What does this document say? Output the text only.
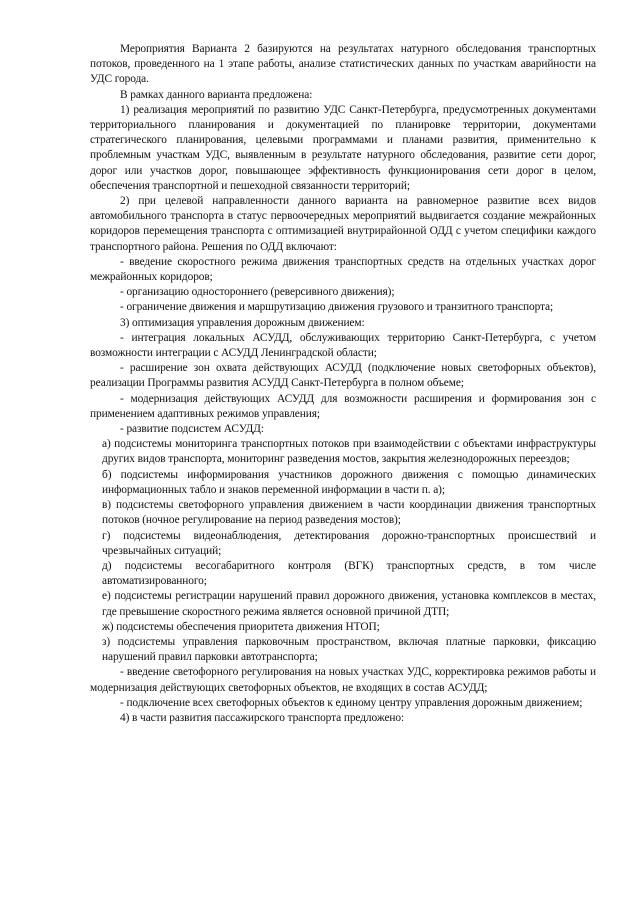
Мероприятия Варианта 2 базируются на результатах натурного обследования транспортных потоков, проведенного на 1 этапе работы, анализе статистических данных по участкам аварийности на УДС города.

В рамках данного варианта предложена:

1) реализация мероприятий по развитию УДС Санкт-Петербурга, предусмотренных документами территориального планирования и документацией по планировке территории, документами стратегического планирования, целевыми программами и планами развития, применительно к проблемным участкам УДС, выявленным в результате натурного обследования, развитие сети дорог, дорог или участков дорог, повышающее эффективность функционирования сети дорог в целом, обеспечения транспортной и пешеходной связанности территорий;

2) при целевой направленности данного варианта на равномерное развитие всех видов автомобильного транспорта в статус первоочередных мероприятий выдвигается создание межрайонных коридоров перемещения транспорта с оптимизацией внутрирайонной ОДД с учетом специфики каждого транспортного района. Решения по ОДД включают:

- введение скоростного режима движения транспортных средств на отдельных участках дорог межрайонных коридоров;

- организацию одностороннего (реверсивного движения);

- ограничение движения и маршрутизацию движения грузового и транзитного транспорта;

3) оптимизация управления дорожным движением:

- интеграция локальных АСУДД, обслуживающих территорию Санкт-Петербурга, с учетом возможности интеграции с АСУДД Ленинградской области;

- расширение зон охвата действующих АСУДД (подключение новых светофорных объектов), реализации Программы развития АСУДД Санкт-Петербурга в полном объеме;

- модернизация действующих АСУДД для возможности расширения и формирования зон с применением адаптивных режимов управления;

- развитие подсистем АСУДД:

а) подсистемы мониторинга транспортных потоков при взаимодействии с объектами инфраструктуры других видов транспорта, мониторинг разведения мостов, закрытия железнодорожных переездов;

б) подсистемы информирования участников дорожного движения с помощью динамических информационных табло и знаков переменной информации в части п. а);

в) подсистемы светофорного управления движением в части координации движения транспортных потоков (ночное регулирование на период разведения мостов);

г) подсистемы видеонаблюдения, детектирования дорожно-транспортных происшествий и чрезвычайных ситуаций;

д) подсистемы весогабаритного контроля (ВГК) транспортных средств, в том числе автоматизированного;

е) подсистемы регистрации нарушений правил дорожного движения, установка комплексов в местах, где превышение скоростного режима является основной причиной ДТП;

ж) подсистемы обеспечения приоритета движения НТОП;

з) подсистемы управления парковочным пространством, включая платные парковки, фиксацию нарушений правил парковки автотранспорта;

- введение светофорного регулирования на новых участках УДС, корректировка режимов работы и модернизация действующих светофорных объектов, не входящих в состав АСУДД;

- подключение всех светофорных объектов к единому центру управления дорожным движением;

4) в части развития пассажирского транспорта предложено:
